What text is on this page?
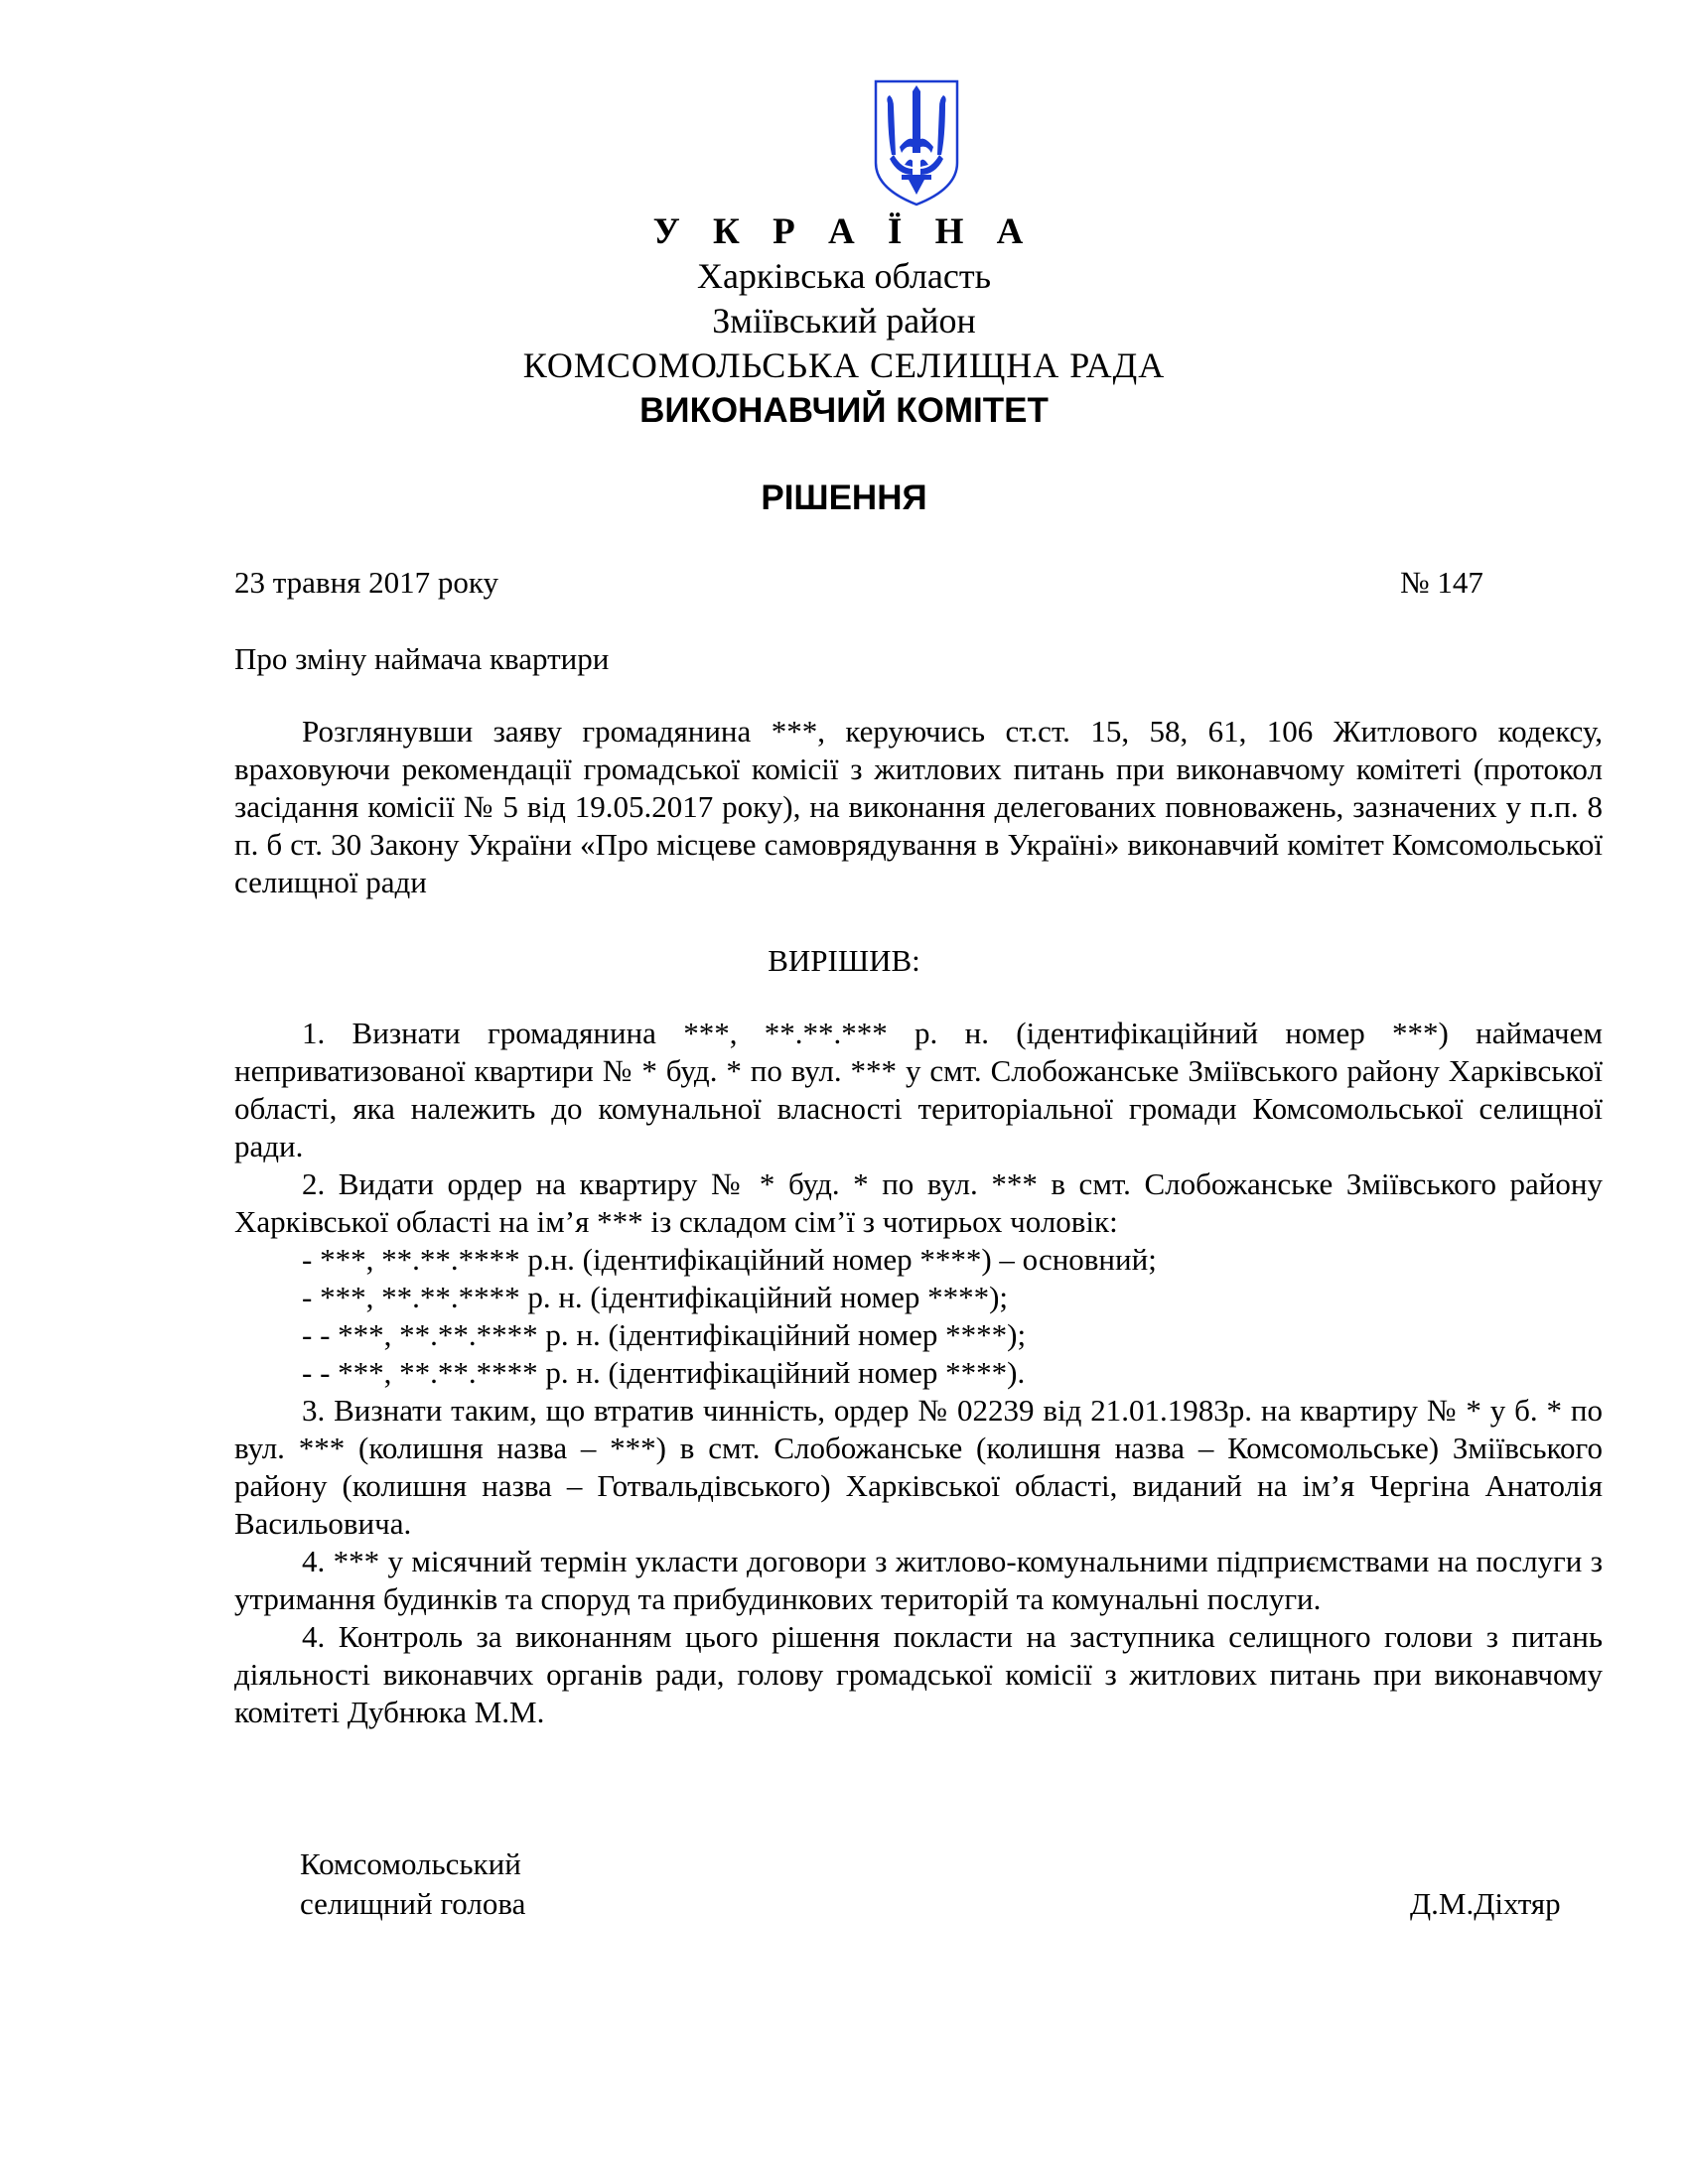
У К Р А Ї Н А
Харківська область
Зміївський район
КОМСОМОЛЬСЬКА СЕЛИЩНА РАДА
ВИКОНАВЧИЙ КОМІТЕТ
РІШЕННЯ
23 травня 2017 року	№ 147
Про зміну наймача квартири

Розглянувши заяву громадянина ***, керуючись ст.ст. 15, 58, 61, 106 Житлового кодексу, враховуючи рекомендації громадської комісії з житлових питань при виконавчому комітеті (протокол засідання комісії № 5 від 19.05.2017 року), на виконання делегованих повноважень, зазначених у п.п. 8 п. б ст. 30 Закону України «Про місцеве самоврядування в Україні» виконавчий комітет Комсомольської селищної ради

ВИРІШИВ:

1. Визнати громадянина ***, **.**.*** р. н. (ідентифікаційний номер ***) наймачем неприватизованої квартири № * буд. * по вул. *** у смт. Слобожанське Зміївського району Харківської області, яка належить до комунальної власності територіальної громади Комсомольської селищної ради.

2. Видати ордер на квартиру № * буд. * по вул. *** в смт. Слобожанське Зміївського району Харківської області на ім’я *** із складом сім’ї з чотирьох чоловік:

- ***, **.**.**** р.н. (ідентифікаційний номер ****) – основний;

- ***, **.**.**** р. н. (ідентифікаційний номер ****);

- - ***, **.**.**** р. н. (ідентифікаційний номер ****);

- - ***, **.**.**** р. н. (ідентифікаційний номер ****).

3. Визнати таким, що втратив чинність, ордер № 02239 від 21.01.1983р. на квартиру № * у б. * по вул. *** (колишня назва – ***) в смт. Слобожанське (колишня назва – Комсомольське) Зміївського району (колишня назва – Готвальдівського) Харківської області, виданий на ім’я Чергіна Анатолія Васильовича.

4. *** у місячний термін укласти договори з житлово-комунальними підприємствами на послуги з утримання будинків та споруд та прибудинкових територій та комунальні послуги.

4. Контроль за виконанням цього рішення покласти на заступника селищного голови з питань діяльності виконавчих органів ради, голову громадської комісії з житлових питань при виконавчому комітеті Дубнюка М.М.

Комсомольський
селищний голова	Д.М.Діхтяр
